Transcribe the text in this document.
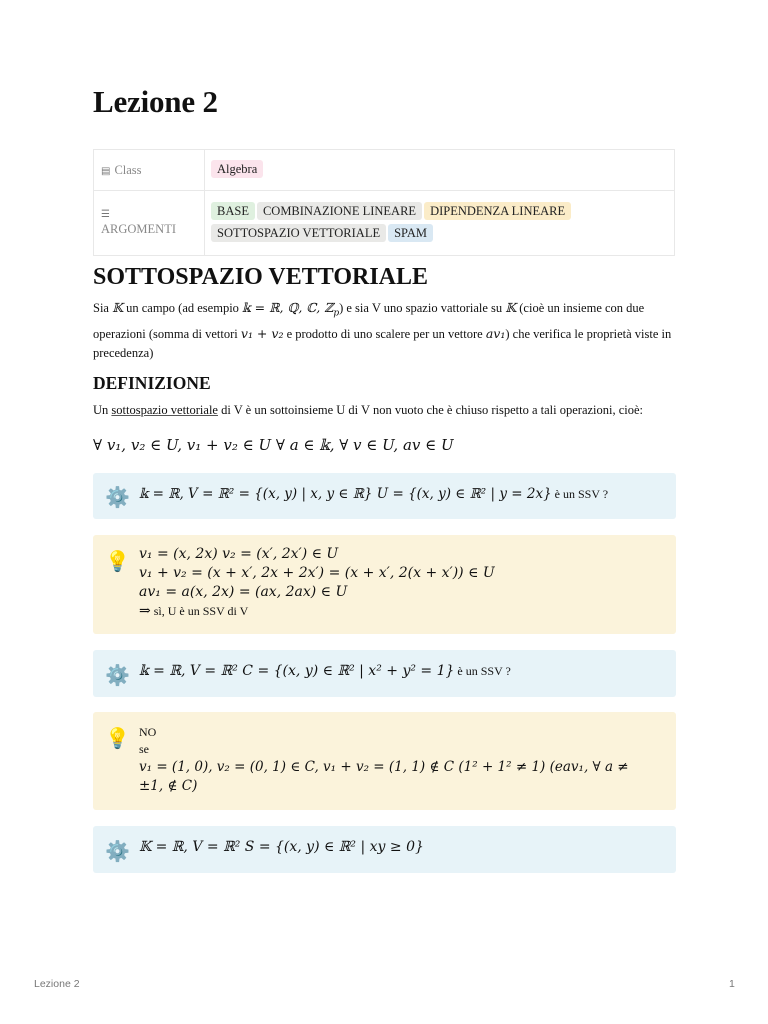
Lezione 2
▤ Class	Algebra

☰
ARGOMENTI	BASE COMBINAZIONE LINEARE DIPENDENZA LINEARE
SOTTOSPAZIO VETTORIALE SPAM
SOTTOSPAZIO VETTORIALE
Sia 𝕂 un campo (ad esempio 𝕜 = ℝ, ℚ, ℂ, ℤ$_p$) e sia V uno spazio vattoriale su 𝕂 (cioè un insieme con due operazioni (somma di vettori v₁ + v₂ e prodotto di uno scalere per un vettore av₁) che verifica le proprietà viste in precedenza)
DEFINIZIONE
Un sottospazio vettoriale di V è un sottoinsieme U di V non vuoto che è chiuso rispetto a tali operazioni, cioè:
∀ v₁, v₂ ∈ U, v₁ + v₂ ∈ U ∀ a ∈ 𝕜, ∀ v ∈ U, av ∈ U
⚙️ 𝕜 = ℝ, V = ℝ² = {(x, y) | x, y ∈ ℝ} U = {(x, y) ∈ ℝ² | y = 2x} è un SSV ?
💡 v₁ = (x, 2x) v₂ = (x′, 2x′) ∈ U
v₁ + v₂ = (x + x′, 2x + 2x′) = (x + x′, 2(x + x′)) ∈ U
av₁ = a(x, 2x) = (ax, 2ax) ∈ U
⇒ sì, U è un SSV di V
⚙️ 𝕜 = ℝ, V = ℝ² C = {(x, y) ∈ ℝ² | x² + y² = 1} è un SSV ?
💡 NO
se
v₁ = (1, 0), v₂ = (0, 1) ∈ C, v₁ + v₂ = (1, 1) ∉ C (1² + 1² ≠ 1) (eav₁, ∀ a ≠
±1, ∉ C)
⚙️ 𝕂 = ℝ, V = ℝ² S = {(x, y) ∈ ℝ² | xy ≥ 0}
Lezione 2	1
